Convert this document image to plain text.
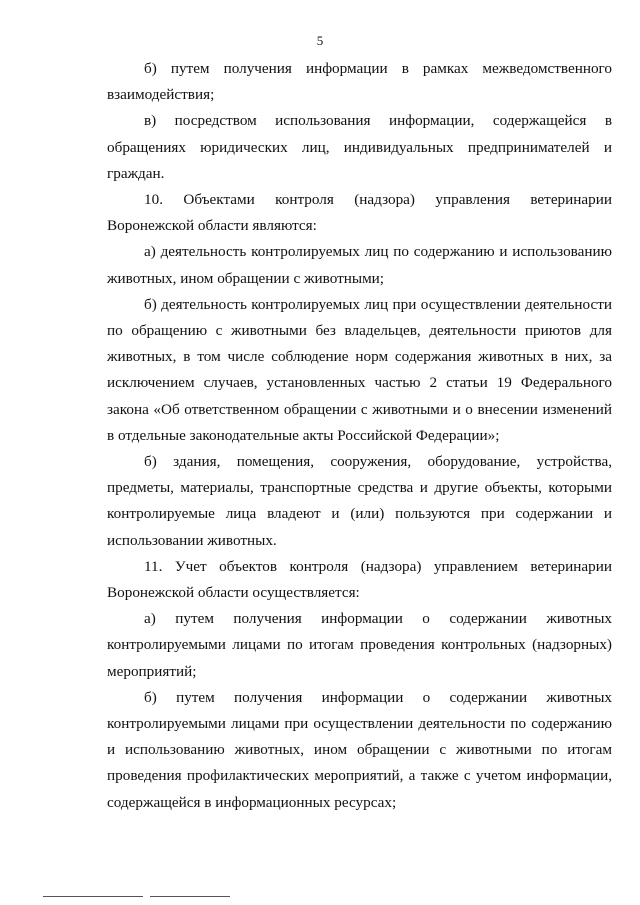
5

б) путем получения информации в рамках межведомственного взаимодействия;

в) посредством использования информации, содержащейся в обращениях юридических лиц, индивидуальных предпринимателей и граждан.

10. Объектами контроля (надзора) управления ветеринарии Воронежской области являются:

а) деятельность контролируемых лиц по содержанию и использованию животных, ином обращении с животными;

б) деятельность контролируемых лиц при осуществлении деятельности по обращению с животными без владельцев, деятельности приютов для животных, в том числе соблюдение норм содержания животных в них, за исключением случаев, установленных частью 2 статьи 19 Федерального закона «Об ответственном обращении с животными и о внесении изменений в отдельные законодательные акты Российской Федерации»;

б) здания, помещения, сооружения, оборудование, устройства, предметы, материалы, транспортные средства и другие объекты, которыми контролируемые лица владеют и (или) пользуются при содержании и использовании животных.

11. Учет объектов контроля (надзора) управлением ветеринарии Воронежской области осуществляется:

а) путем получения информации о содержании животных контролируемыми лицами по итогам проведения контрольных (надзорных) мероприятий;

б) путем получения информации о содержании животных контролируемыми лицами при осуществлении деятельности по содержанию и использованию животных, ином обращении с животными по итогам проведения профилактических мероприятий, а также с учетом информации, содержащейся в информационных ресурсах;
